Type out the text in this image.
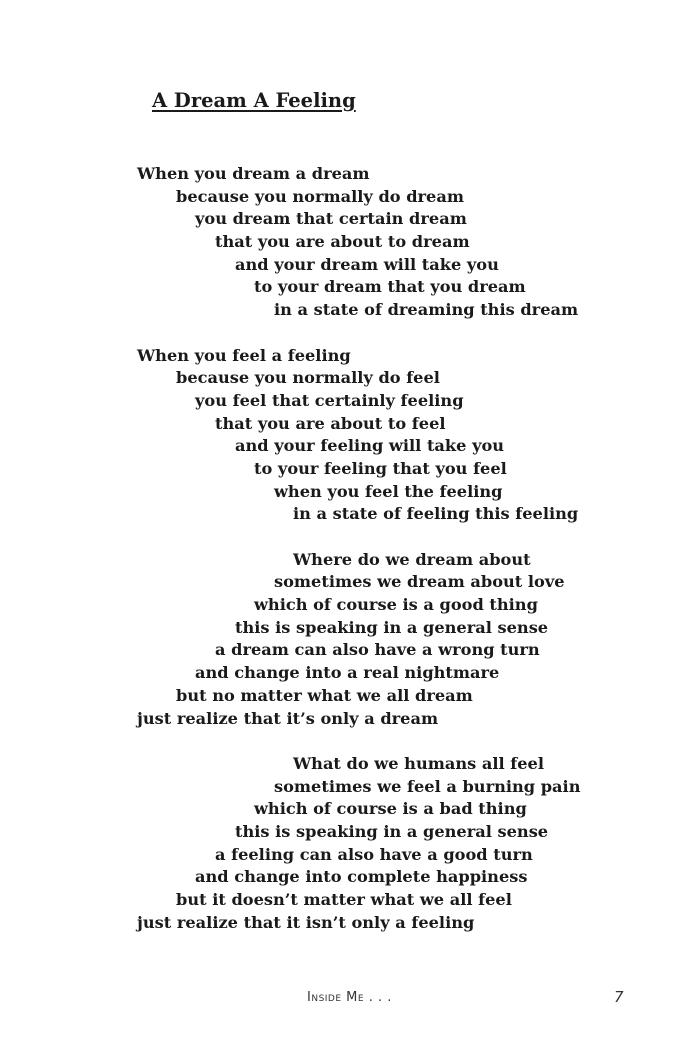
A Dream A Feeling
When you dream a dream
because you normally do dream
you dream that certain dream
that you are about to dream
and your dream will take you
to your dream that you dream
in a state of dreaming this dream
When you feel a feeling
because you normally do feel
you feel that certainly feeling
that you are about to feel
and your feeling will take you
to your feeling that you feel
when you feel the feeling
in a state of feeling this feeling
Where do we dream about
sometimes we dream about love
which of course is a good thing
this is speaking in a general sense
a dream can also have a wrong turn
and change into a real nightmare
but no matter what we all dream
just realize that it’s only a dream
What do we humans all feel
sometimes we feel a burning pain
which of course is a bad thing
this is speaking in a general sense
a feeling can also have a good turn
and change into complete happiness
but it doesn’t matter what we all feel
just realize that it isn’t only a feeling
Inside Me . . .	7
